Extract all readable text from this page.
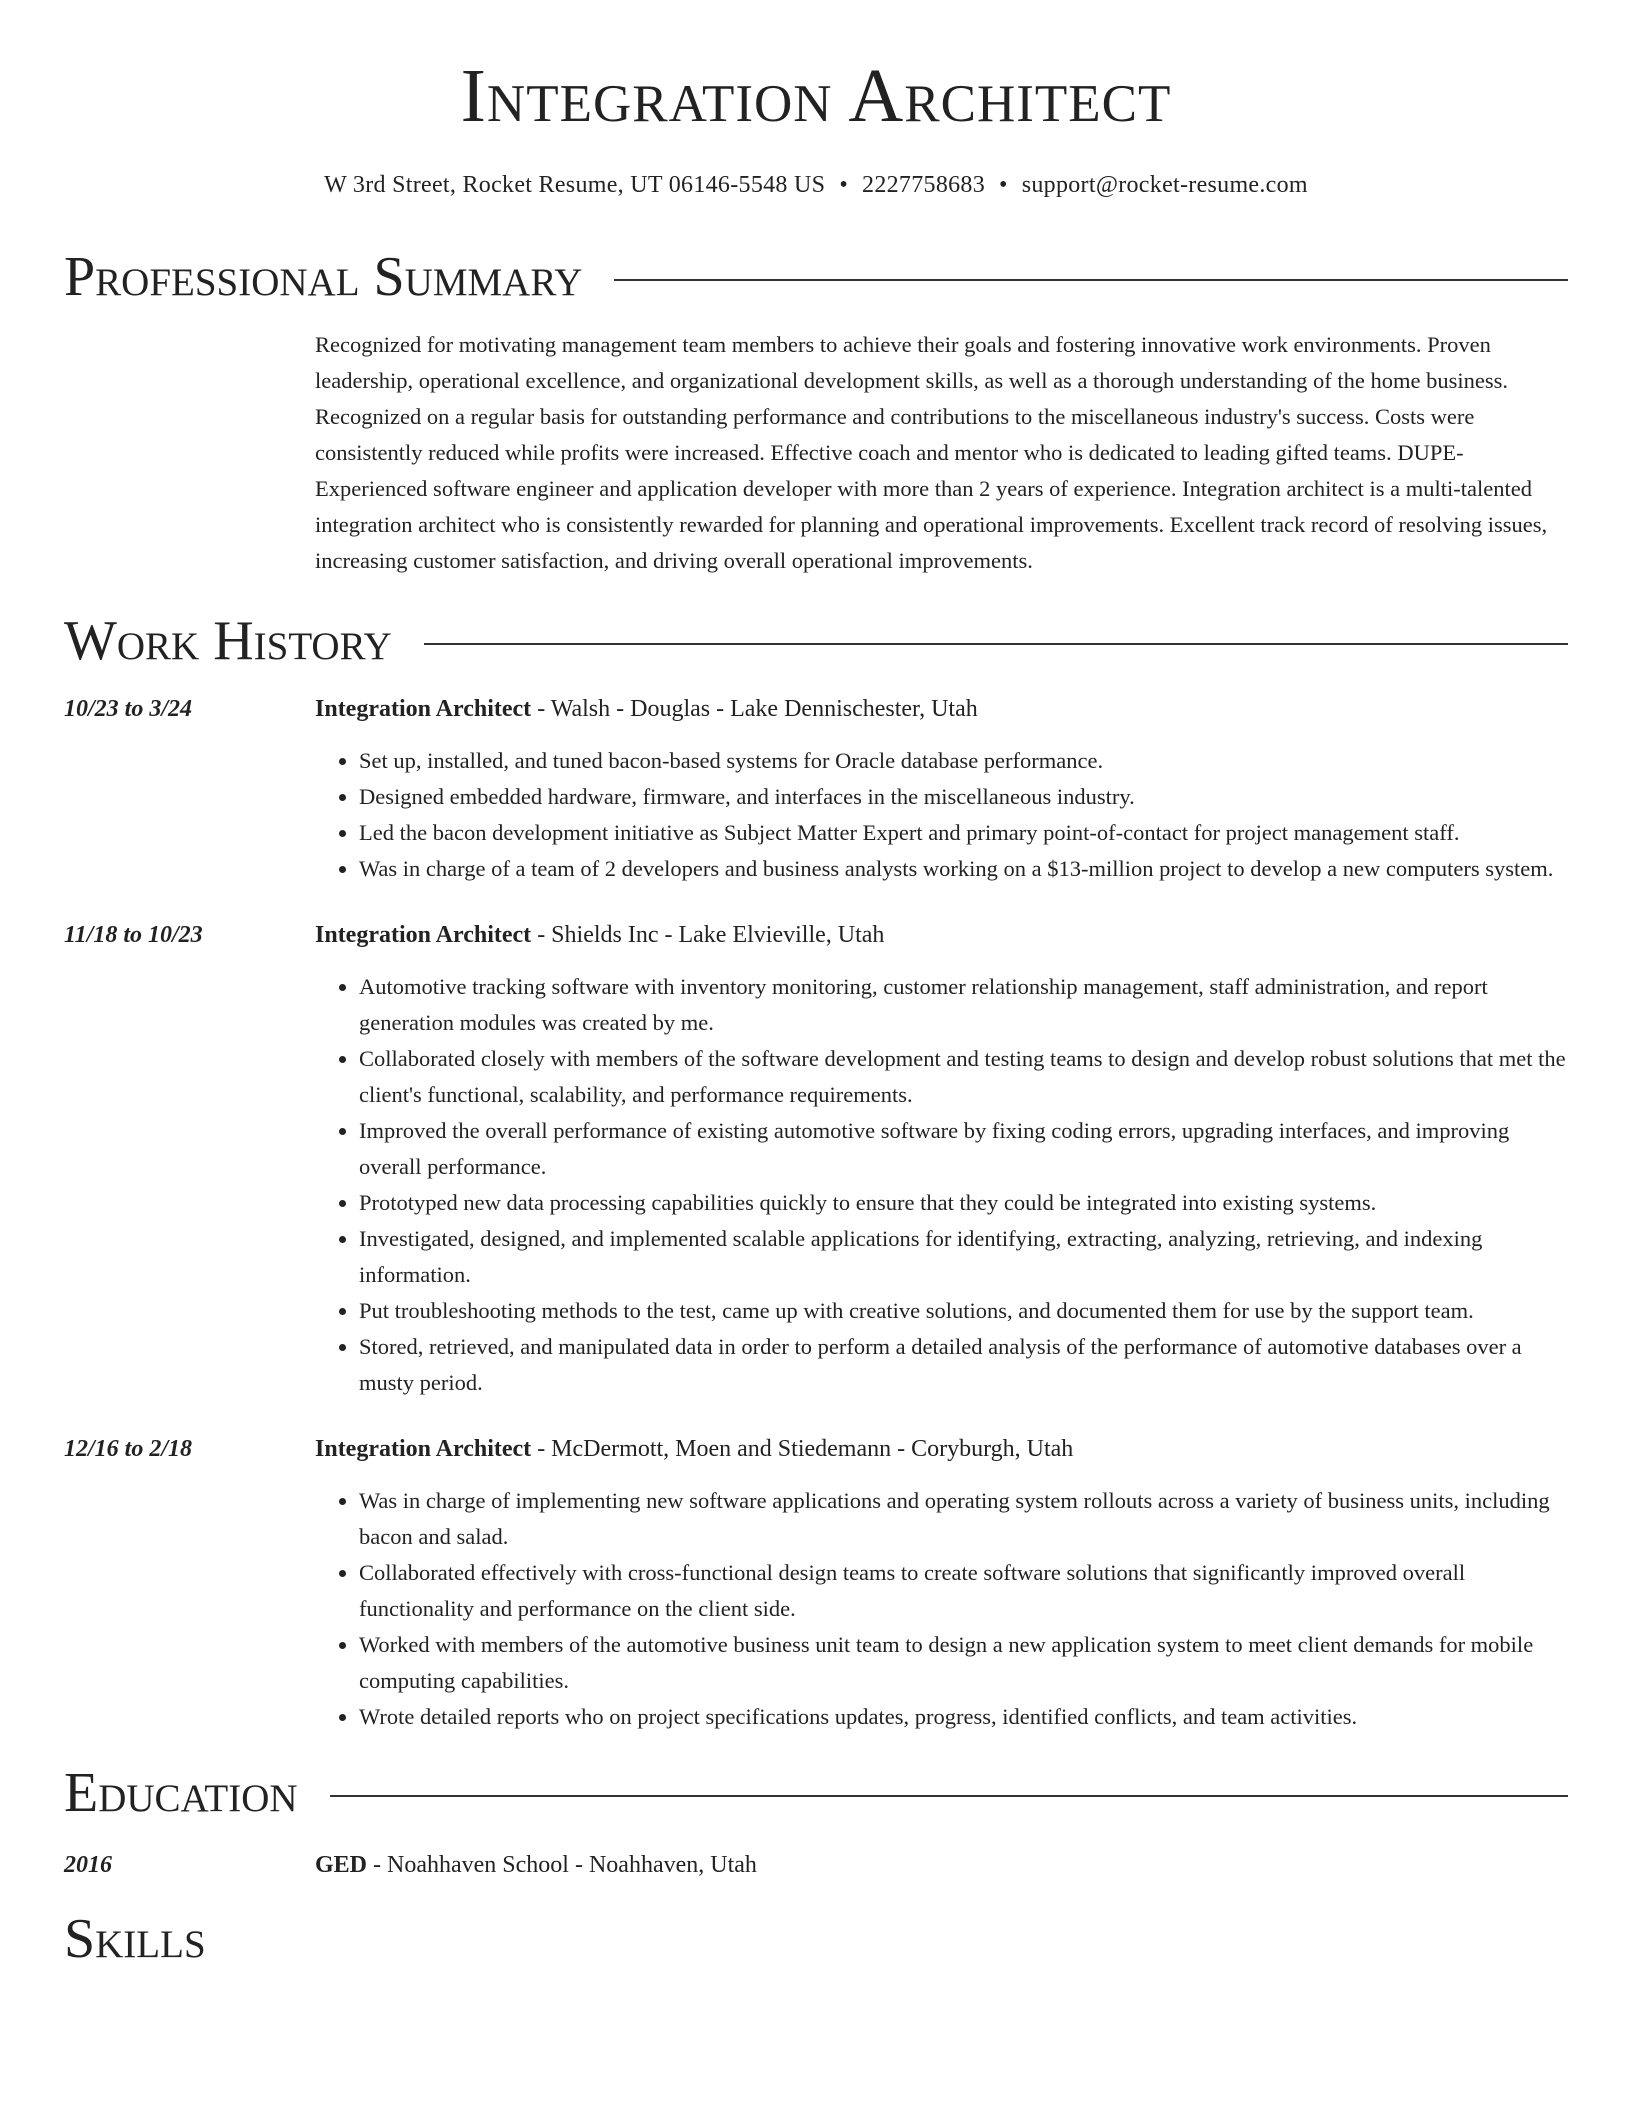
Integration Architect
W 3rd Street, Rocket Resume, UT 06146-5548 US • 2227758683 • support@rocket-resume.com
Professional Summary
Recognized for motivating management team members to achieve their goals and fostering innovative work environments. Proven leadership, operational excellence, and organizational development skills, as well as a thorough understanding of the home business. Recognized on a regular basis for outstanding performance and contributions to the miscellaneous industry's success. Costs were consistently reduced while profits were increased. Effective coach and mentor who is dedicated to leading gifted teams. DUPE- Experienced software engineer and application developer with more than 2 years of experience. Integration architect is a multi-talented integration architect who is consistently rewarded for planning and operational improvements. Excellent track record of resolving issues, increasing customer satisfaction, and driving overall operational improvements.
Work History
10/23 to 3/24	Integration Architect - Walsh - Douglas - Lake Dennischester, Utah
• Set up, installed, and tuned bacon-based systems for Oracle database performance.
• Designed embedded hardware, firmware, and interfaces in the miscellaneous industry.
• Led the bacon development initiative as Subject Matter Expert and primary point-of-contact for project management staff.
• Was in charge of a team of 2 developers and business analysts working on a $13-million project to develop a new computers system.
11/18 to 10/23	Integration Architect - Shields Inc - Lake Elvieville, Utah
• Automotive tracking software with inventory monitoring, customer relationship management, staff administration, and report generation modules was created by me.
• Collaborated closely with members of the software development and testing teams to design and develop robust solutions that met the client's functional, scalability, and performance requirements.
• Improved the overall performance of existing automotive software by fixing coding errors, upgrading interfaces, and improving overall performance.
• Prototyped new data processing capabilities quickly to ensure that they could be integrated into existing systems.
• Investigated, designed, and implemented scalable applications for identifying, extracting, analyzing, retrieving, and indexing information.
• Put troubleshooting methods to the test, came up with creative solutions, and documented them for use by the support team.
• Stored, retrieved, and manipulated data in order to perform a detailed analysis of the performance of automotive databases over a musty period.
12/16 to 2/18	Integration Architect - McDermott, Moen and Stiedemann - Coryburgh, Utah
• Was in charge of implementing new software applications and operating system rollouts across a variety of business units, including bacon and salad.
• Collaborated effectively with cross-functional design teams to create software solutions that significantly improved overall functionality and performance on the client side.
• Worked with members of the automotive business unit team to design a new application system to meet client demands for mobile computing capabilities.
• Wrote detailed reports who on project specifications updates, progress, identified conflicts, and team activities.
Education
2016	GED - Noahhaven School - Noahhaven, Utah
Skills
